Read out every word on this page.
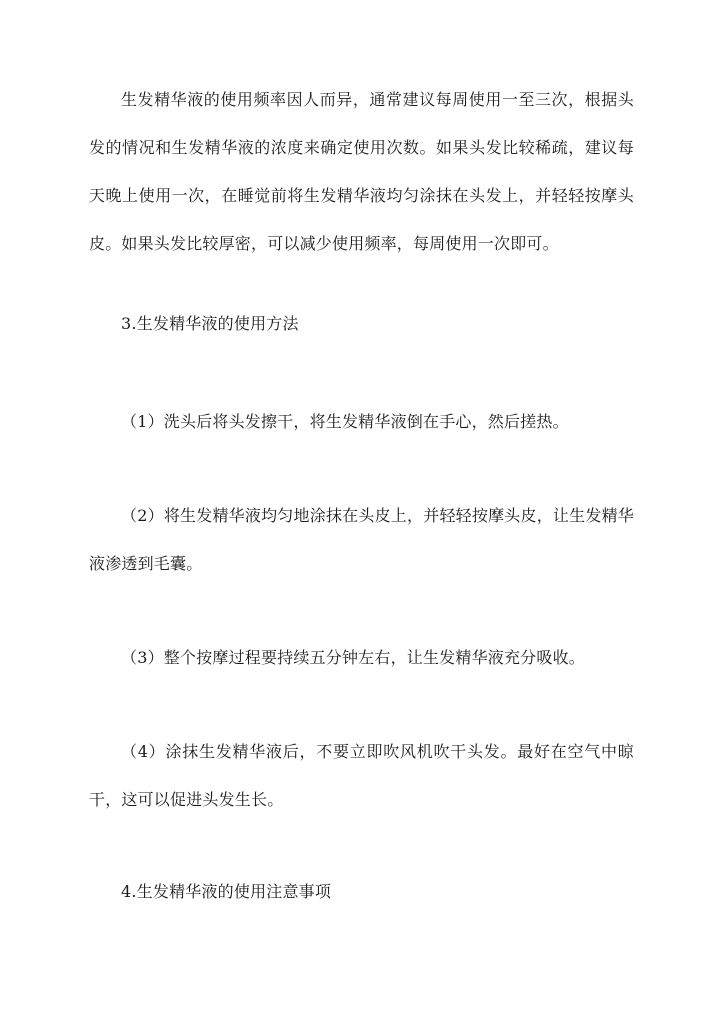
生发精华液的使用频率因人而异，通常建议每周使用一至三次，根据头发的情况和生发精华液的浓度来确定使用次数。如果头发比较稀疏，建议每天晚上使用一次，在睡觉前将生发精华液均匀涂抹在头发上，并轻轻按摩头皮。如果头发比较厚密，可以减少使用频率，每周使用一次即可。

3.生发精华液的使用方法

（1）洗头后将头发擦干，将生发精华液倒在手心，然后搓热。

（2）将生发精华液均匀地涂抹在头皮上，并轻轻按摩头皮，让生发精华液渗透到毛囊。

（3）整个按摩过程要持续五分钟左右，让生发精华液充分吸收。

（4）涂抹生发精华液后，不要立即吹风机吹干头发。最好在空气中晾干，这可以促进头发生长。

4.生发精华液的使用注意事项
